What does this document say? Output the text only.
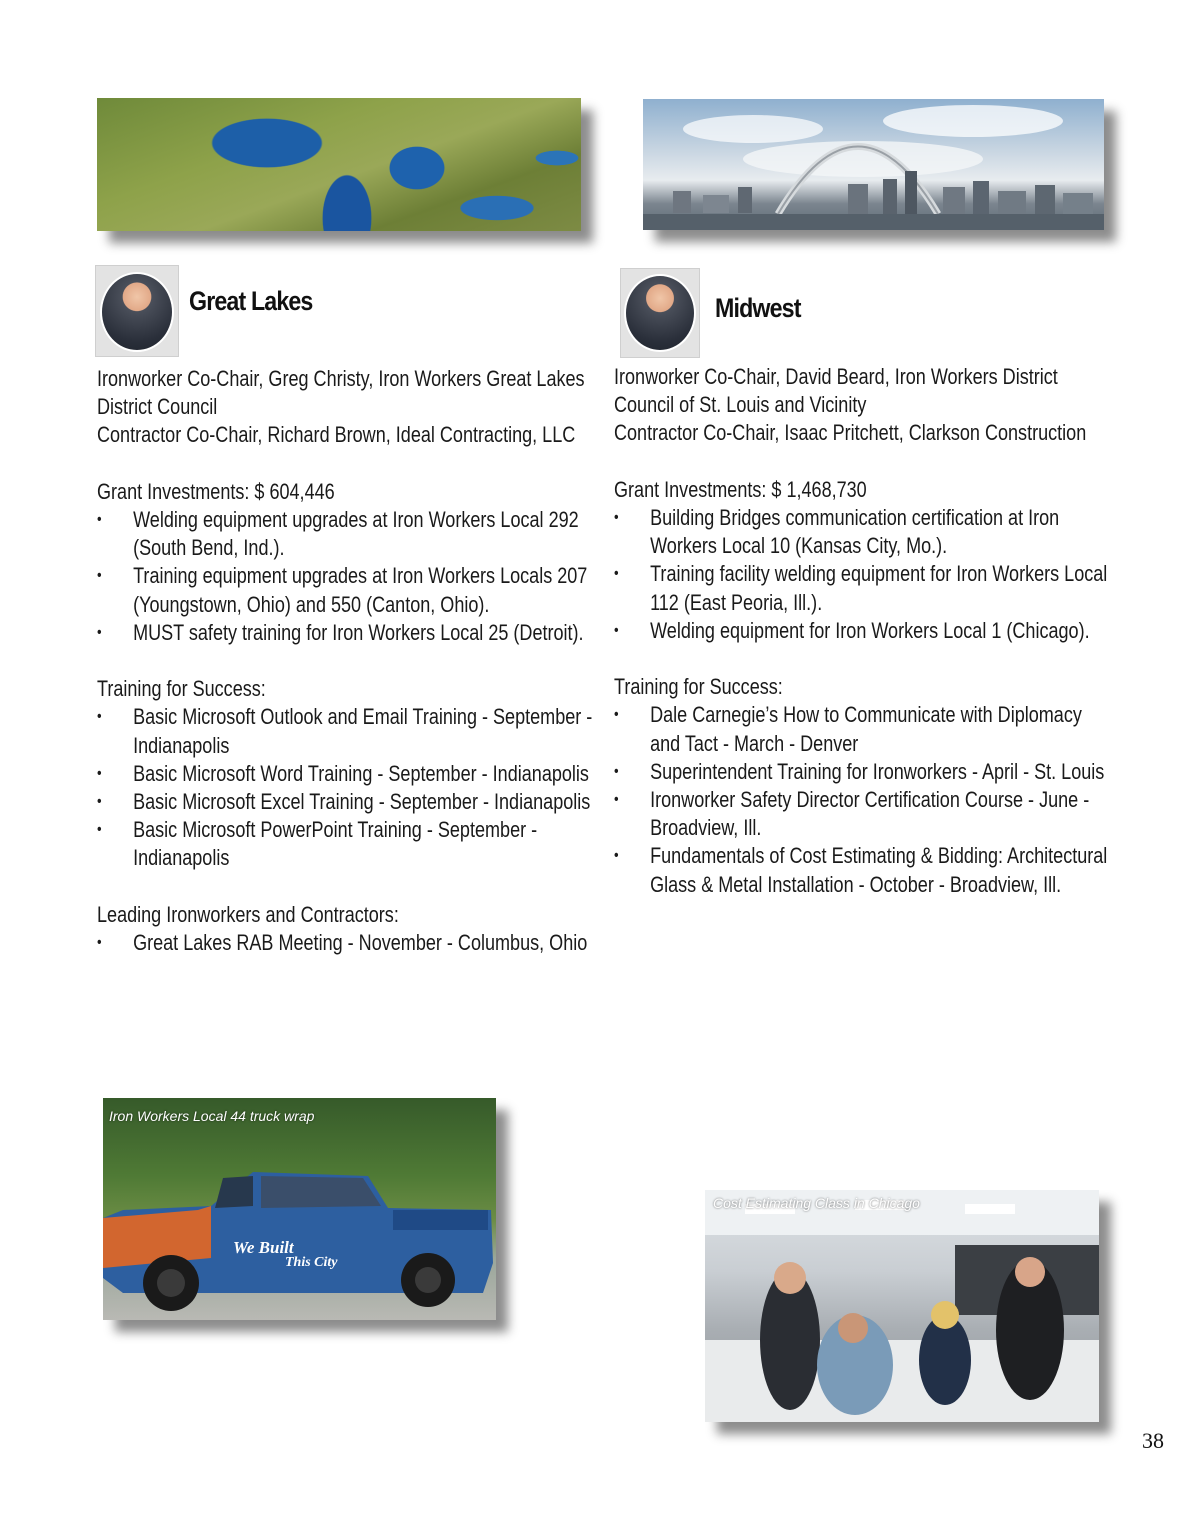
Great Lakes	Midwest

Ironworker Co-Chair, Greg Christy, Iron Workers Great Lakes District Council

Contractor Co-Chair, Richard Brown, Ideal Contracting, LLC

Grant Investments: $ 604,446

• Welding equipment upgrades at Iron Workers Local 292 (South Bend, Ind.).
• Training equipment upgrades at Iron Workers Locals 207 (Youngstown, Ohio) and 550 (Canton, Ohio).
• MUST safety training for Iron Workers Local 25 (Detroit).

Training for Success:

• Basic Microsoft Outlook and Email Training - September - Indianapolis
• Basic Microsoft Word Training - September - Indianapolis
• Basic Microsoft Excel Training - September - Indianapolis
• Basic Microsoft PowerPoint Training - September - Indianapolis

Leading Ironworkers and Contractors:

• Great Lakes RAB Meeting - November - Columbus, Ohio

Ironworker Co-Chair, David Beard, Iron Workers District Council of St. Louis and Vicinity

Contractor Co-Chair, Isaac Pritchett, Clarkson Construction

Grant Investments: $ 1,468,730

• Building Bridges communication certification at Iron Workers Local 10 (Kansas City, Mo.).
• Training facility welding equipment for Iron Workers Local 112 (East Peoria, Ill.).
• Welding equipment for Iron Workers Local 1 (Chicago).

Training for Success:

• Dale Carnegie’s How to Communicate with Diplomacy and Tact - March - Denver
• Superintendent Training for Ironworkers - April - St. Louis
• Ironworker Safety Director Certification Course - June - Broadview, Ill.
• Fundamentals of Cost Estimating & Bidding: Architectural Glass & Metal Installation - October - Broadview, Ill.
We Built
This City
Iron Workers Local 44 truck wrap
Cost Estimating Class in Chicago
38
